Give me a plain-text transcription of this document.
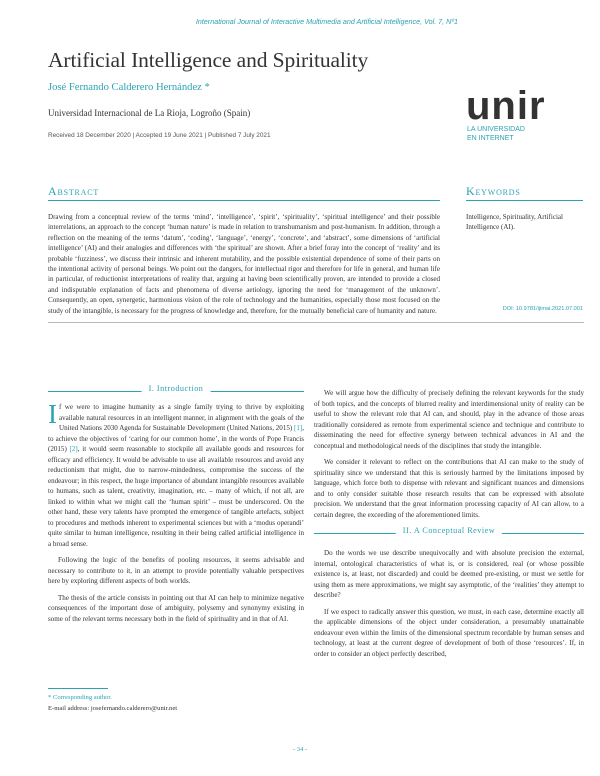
International Journal of Interactive Multimedia and Artificial Intelligence, Vol. 7, Nº1
Artificial Intelligence and Spirituality
José Fernando Calderero Hernández *
Universidad Internacional de La Rioja, Logroño (Spain)
Received 18 December 2020 | Accepted 19 June 2021 | Published 7 July 2021
unir
LA UNIVERSIDAD
EN INTERNET
Abstract
Drawing from a conceptual review of the terms ‘mind’, ‘intelligence’, ‘spirit’, ‘spirituality’, ‘spiritual intelligence’ and their possible interrelations, an approach to the concept ‘human nature’ is made in relation to transhumanism and post-humanism. In addition, through a reflection on the meaning of the terms ‘datum’, ‘coding’, ‘language’, ‘energy’, ‘concrete’, and ‘abstract’, some dimensions of ‘artificial intelligence’ (AI) and their analogies and differences with ‘the spiritual’ are shown. After a brief foray into the concept of ‘reality’ and its probable ‘fuzziness’, we discuss their intrinsic and inherent mutability, and the possible existential dependence of some of their parts on the intentional activity of personal beings. We point out the dangers, for intellectual rigor and therefore for life in general, and human life in particular, of reductionist interpretations of reality that, arguing at having been scientifically proven, are intended to provide a closed and indisputable explanation of facts and phenomena of diverse aetiology, ignoring the need for ‘management of the unknown’. Consequently, an open, synergetic, harmonious vision of the role of technology and the humanities, especially those most focused on the study of the intangible, is necessary for the progress of knowledge and, therefore, for the mutually beneficial care of humanity and nature.
Keywords
Intelligence, Spirituality, Artificial Intelligence (AI).
DOI: 10.9781/ijimai.2021.07.001
I. Introduction

If we were to imagine humanity as a single family trying to thrive by exploiting available natural resources in an intelligent manner, in alignment with the goals of the United Nations 2030 Agenda for Sustainable Development (United Nations, 2015) [1], to achieve the objectives of ‘caring for our common home’, in the words of Pope Francis (2015) [2], it would seem reasonable to stockpile all available goods and resources for efficacy and efficiency. It would be advisable to use all available resources and avoid any reductionism that might, due to narrow-mindedness, compromise the success of the endeavour; in this respect, the huge importance of abundant intangible resources available to humans, such as talent, creativity, imagination, etc. – many of which, if not all, are linked to within what we might call the ‘human spirit’ – must be underscored. On the other hand, these very talents have prompted the emergence of tangible artefacts, subject to procedures and methods inherent to experimental sciences but with a ‘modus operandi’ quite similar to human intelligence, resulting in their being called artificial intelligence in a broad sense.

Following the logic of the benefits of pooling resources, it seems advisable and necessary to contribute to it, in an attempt to provide potentially valuable perspectives here by exploring different aspects of both worlds.

The thesis of the article consists in pointing out that AI can help to minimize negative consequences of the important dose of ambiguity, polysemy and synonymy existing in some of the relevant terms necessary both in the field of spirituality and in that of AI.

We will argue how the difficulty of precisely defining the relevant keywords for the study of both topics, and the concepts of blurred reality and interdimensional unity of reality can be useful to show the relevant role that AI can, and should, play in the advance of those areas traditionally considered as remote from experimental science and technique and contribute to disseminating the need for effective synergy between technical advances in AI and the conceptual and methodological needs of the disciplines that study the intangible.

We consider it relevant to reflect on the contributions that AI can make to the study of spirituality since we understand that this is seriously harmed by the limitations imposed by language, which force both to dispense with relevant and significant nuances and dimensions and to only consider suitable those research results that can be expressed with absolute precision. We understand that the great information processing capacity of AI can allow, to a certain degree, the exceeding of the aforementioned limits.

II. A Conceptual Review

Do the words we use describe unequivocally and with absolute precision the external, internal, ontological characteristics of what is, or is considered, real (or whose possible existence is, at least, not discarded) and could be deemed pre-existing, or must we settle for using them as mere approximations, we might say asymptotic, of the ‘realities’ they attempt to describe?

If we expect to radically answer this question, we must, in each case, determine exactly all the applicable dimensions of the object under consideration, a presumably unattainable endeavour even within the limits of the dimensional spectrum recordable by human senses and technology, at least at the current degree of development of both of those ‘resources’. If, in order to consider an object perfectly described,

* Corresponding author.
E-mail address: josefernando.calderero@unir.net
- 34 -
